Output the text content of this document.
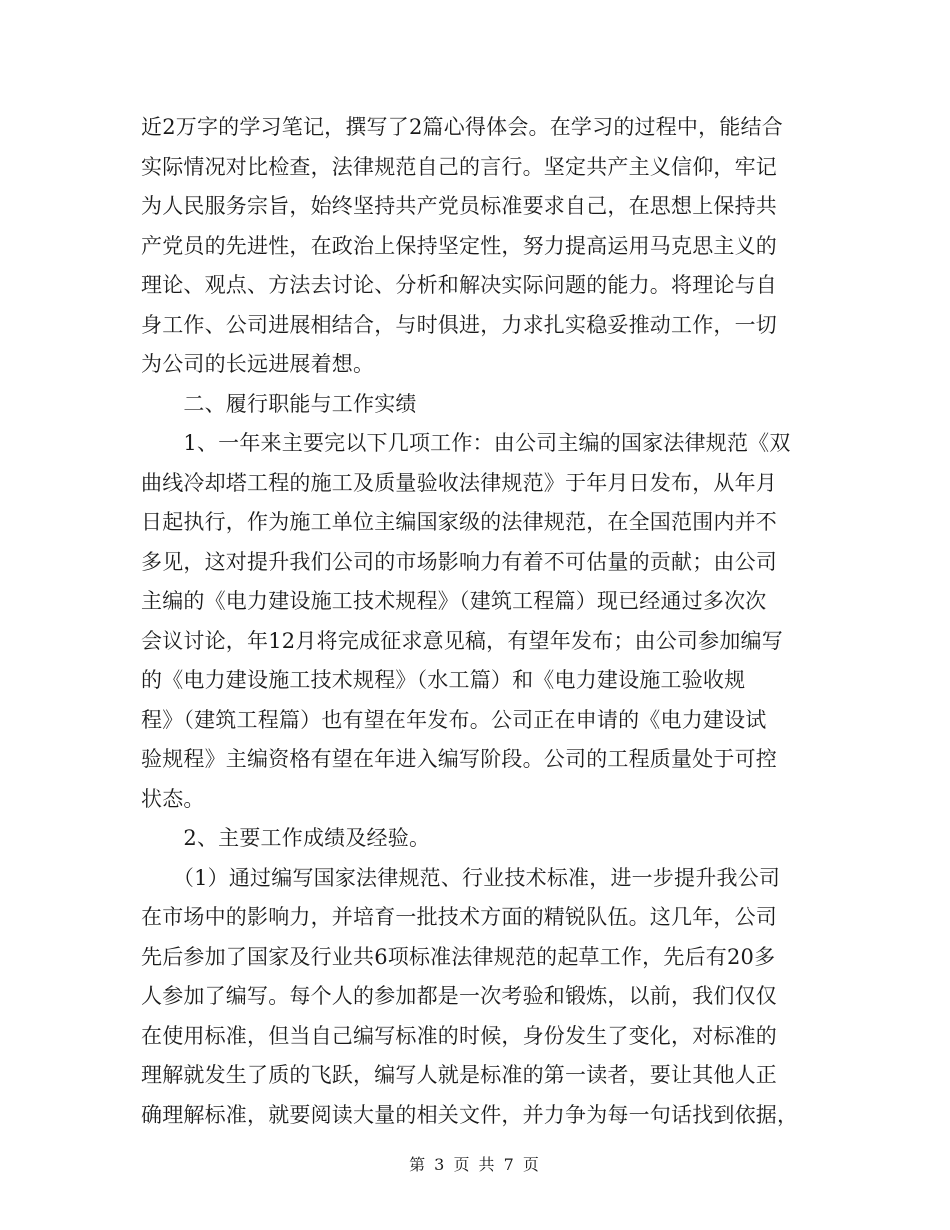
近2万字的学习笔记，撰写了2篇心得体会。在学习的过程中，能结合
实际情况对比检查，法律规范自己的言行。坚定共产主义信仰，牢记
为人民服务宗旨，始终坚持共产党员标准要求自己，在思想上保持共
产党员的先进性，在政治上保持坚定性，努力提高运用马克思主义的
理论、观点、方法去讨论、分析和解决实际问题的能力。将理论与自
身工作、公司进展相结合，与时俱进，力求扎实稳妥推动工作，一切
为公司的长远进展着想。
　　二、履行职能与工作实绩
　　1、一年来主要完以下几项工作：由公司主编的国家法律规范《双
曲线冷却塔工程的施工及质量验收法律规范》于年月日发布，从年月
日起执行，作为施工单位主编国家级的法律规范，在全国范围内并不
多见，这对提升我们公司的市场影响力有着不可估量的贡献；由公司
主编的《电力建设施工技术规程》（建筑工程篇）现已经通过多次次
会议讨论，年12月将完成征求意见稿，有望年发布；由公司参加编写
的《电力建设施工技术规程》（水工篇）和《电力建设施工验收规
程》（建筑工程篇）也有望在年发布。公司正在申请的《电力建设试
验规程》主编资格有望在年进入编写阶段。公司的工程质量处于可控
状态。
　　2、主要工作成绩及经验。
　　（1）通过编写国家法律规范、行业技术标准，进一步提升我公司
在市场中的影响力，并培育一批技术方面的精锐队伍。这几年，公司
先后参加了国家及行业共6项标准法律规范的起草工作，先后有20多
人参加了编写。每个人的参加都是一次考验和锻炼，以前，我们仅仅
在使用标准，但当自己编写标准的时候，身份发生了变化，对标准的
理解就发生了质的飞跃，编写人就是标准的第一读者，要让其他人正
确理解标准，就要阅读大量的相关文件，并力争为每一句话找到依据，
第 3 页 共 7 页
